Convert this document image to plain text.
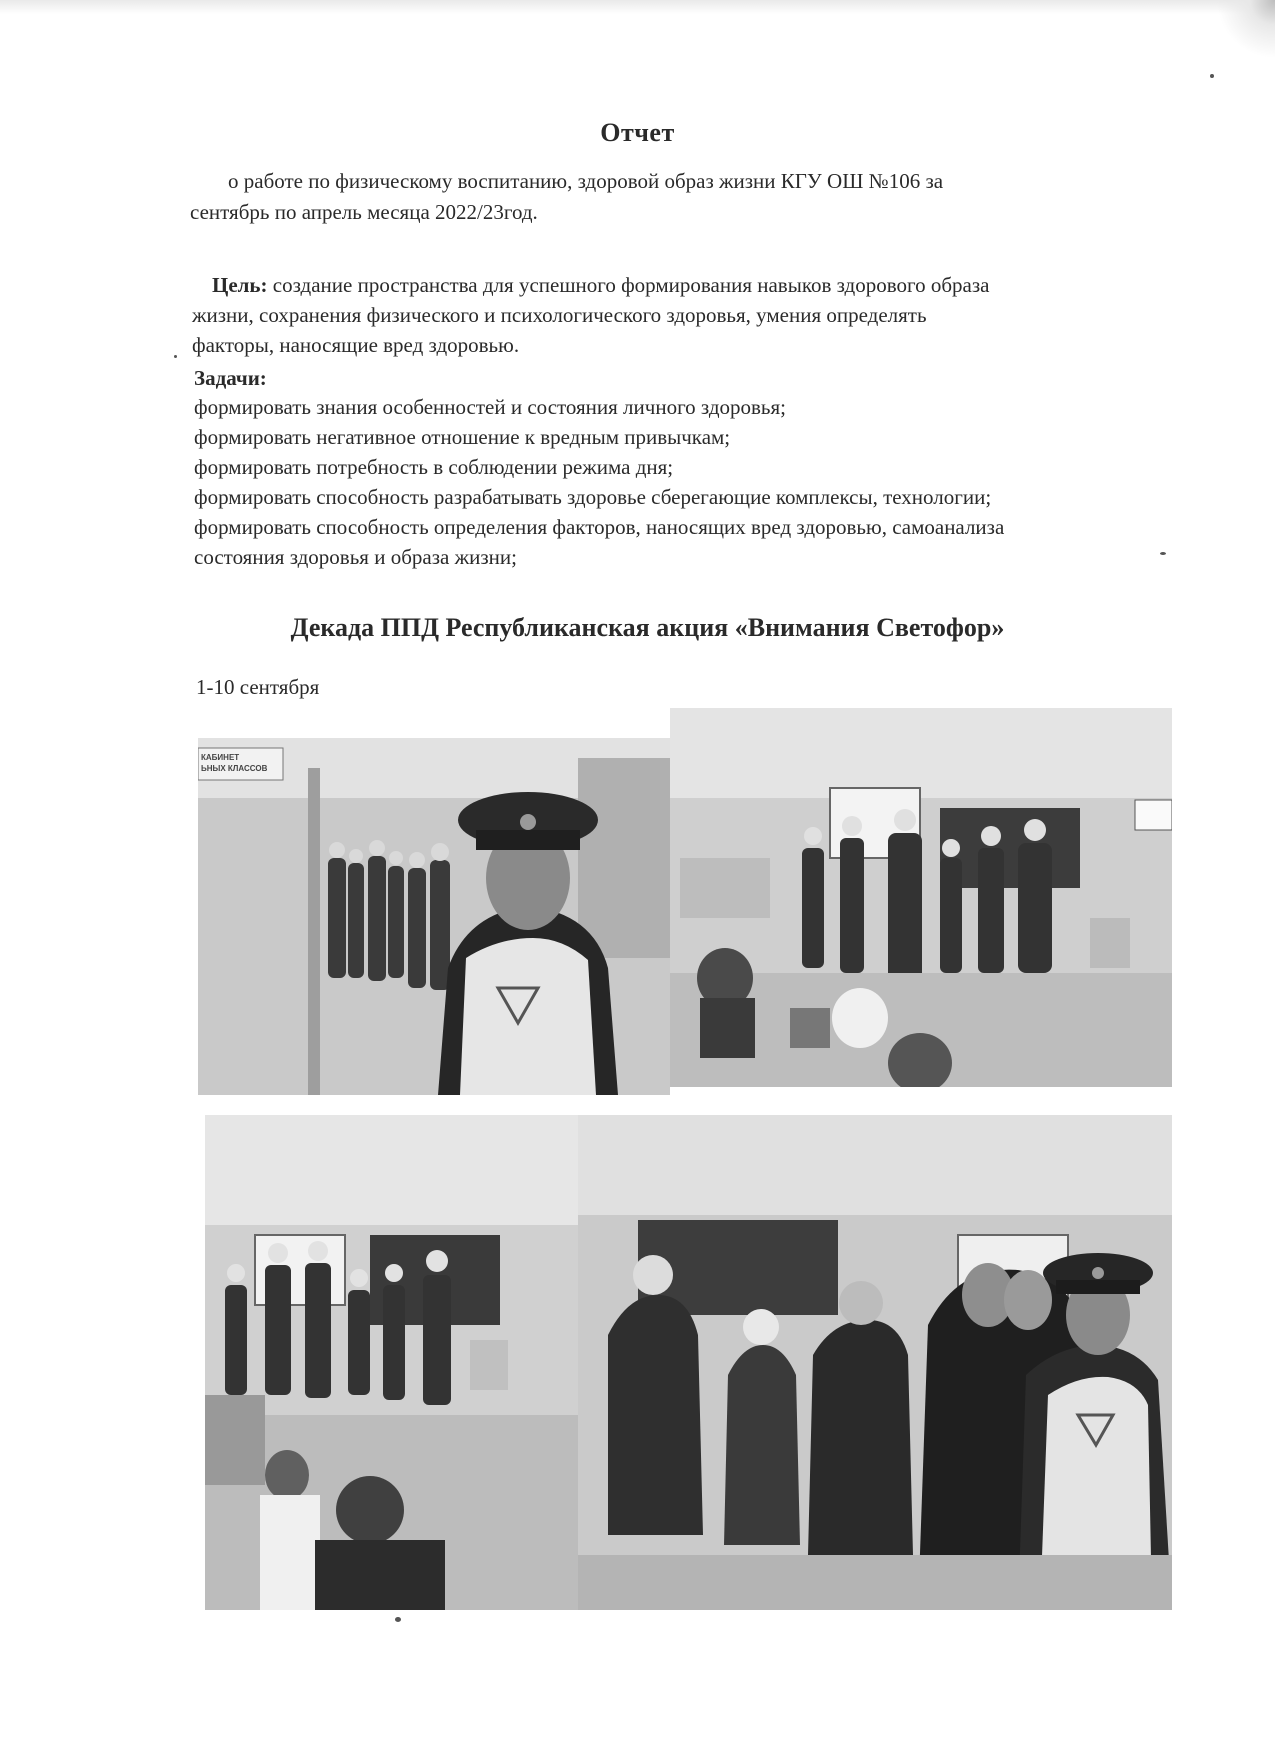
Отчет
о работе по физическому воспитанию, здоровой образ жизни КГУ ОШ №106 за
сентябрь по апрель месяца 2022/23год.
Цель: создание пространства для успешного формирования навыков здорового образа
жизни, сохранения физического и психологического здоровья, умения определять
факторы, наносящие вред здоровью.
Задачи:
формировать знания особенностей и состояния личного здоровья;
формировать негативное отношение к вредным привычкам;
формировать потребность в соблюдении режима дня;
формировать способность разрабатывать здоровье сберегающие комплексы, технологии;
формировать способность определения факторов, наносящих вред здоровью, самоанализа
состояния здоровья и образа жизни;
Декада ППД Республиканская акция «Внимания Светофор»
1-10 сентября
КАБИНЕТ
ЬНЫХ КЛАССОВ
